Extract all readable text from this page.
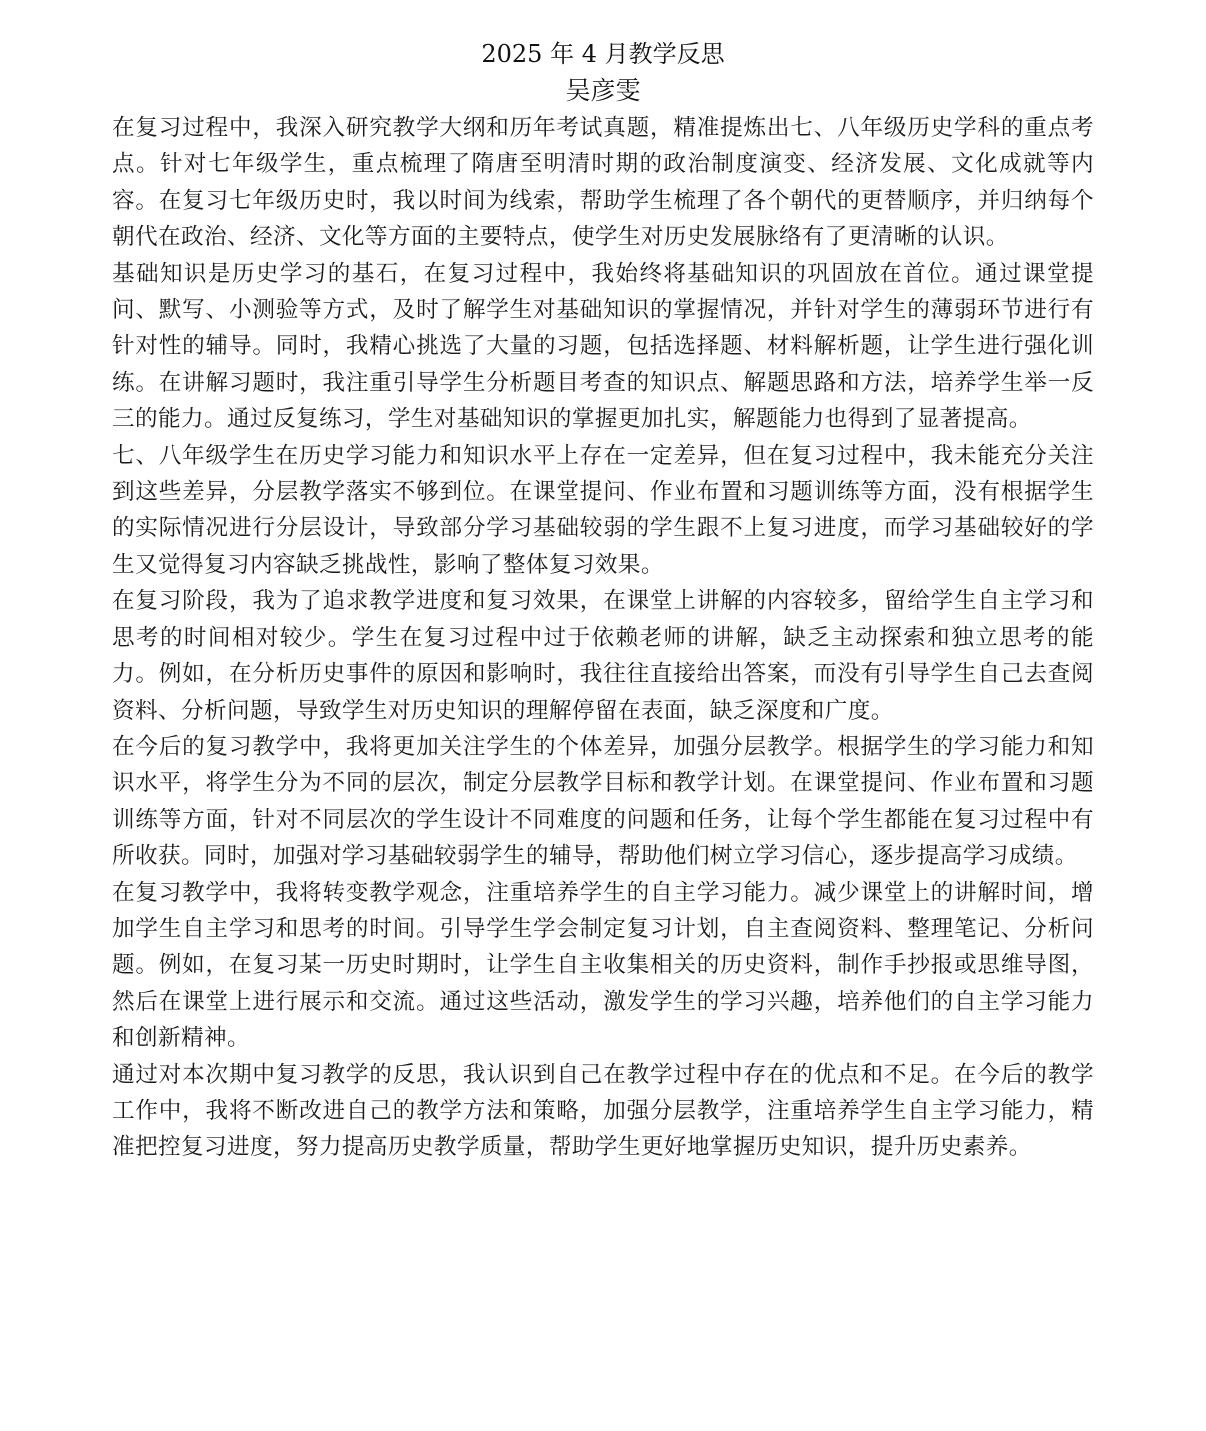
2025 年 4 月教学反思
吴彦雯

在复习过程中，我深入研究教学大纲和历年考试真题，精准提炼出七、八年级历史学科的重点考点。针对七年级学生，重点梳理了隋唐至明清时期的政治制度演变、经济发展、文化成就等内容。在复习七年级历史时，我以时间为线索，帮助学生梳理了各个朝代的更替顺序，并归纳每个朝代在政治、经济、文化等方面的主要特点，使学生对历史发展脉络有了更清晰的认识。

基础知识是历史学习的基石，在复习过程中，我始终将基础知识的巩固放在首位。通过课堂提问、默写、小测验等方式，及时了解学生对基础知识的掌握情况，并针对学生的薄弱环节进行有针对性的辅导。同时，我精心挑选了大量的习题，包括选择题、材料解析题，让学生进行强化训练。在讲解习题时，我注重引导学生分析题目考查的知识点、解题思路和方法，培养学生举一反三的能力。通过反复练习，学生对基础知识的掌握更加扎实，解题能力也得到了显著提高。

七、八年级学生在历史学习能力和知识水平上存在一定差异，但在复习过程中，我未能充分关注到这些差异，分层教学落实不够到位。在课堂提问、作业布置和习题训练等方面，没有根据学生的实际情况进行分层设计，导致部分学习基础较弱的学生跟不上复习进度，而学习基础较好的学生又觉得复习内容缺乏挑战性，影响了整体复习效果。

在复习阶段，我为了追求教学进度和复习效果，在课堂上讲解的内容较多，留给学生自主学习和思考的时间相对较少。学生在复习过程中过于依赖老师的讲解，缺乏主动探索和独立思考的能力。例如，在分析历史事件的原因和影响时，我往往直接给出答案，而没有引导学生自己去查阅资料、分析问题，导致学生对历史知识的理解停留在表面，缺乏深度和广度。

在今后的复习教学中，我将更加关注学生的个体差异，加强分层教学。根据学生的学习能力和知识水平，将学生分为不同的层次，制定分层教学目标和教学计划。在课堂提问、作业布置和习题训练等方面，针对不同层次的学生设计不同难度的问题和任务，让每个学生都能在复习过程中有所收获。同时，加强对学习基础较弱学生的辅导，帮助他们树立学习信心，逐步提高学习成绩。

在复习教学中，我将转变教学观念，注重培养学生的自主学习能力。减少课堂上的讲解时间，增加学生自主学习和思考的时间。引导学生学会制定复习计划，自主查阅资料、整理笔记、分析问题。例如，在复习某一历史时期时，让学生自主收集相关的历史资料，制作手抄报或思维导图，然后在课堂上进行展示和交流。通过这些活动，激发学生的学习兴趣，培养他们的自主学习能力和创新精神。

通过对本次期中复习教学的反思，我认识到自己在教学过程中存在的优点和不足。在今后的教学工作中，我将不断改进自己的教学方法和策略，加强分层教学，注重培养学生自主学习能力，精准把控复习进度，努力提高历史教学质量，帮助学生更好地掌握历史知识，提升历史素养。
